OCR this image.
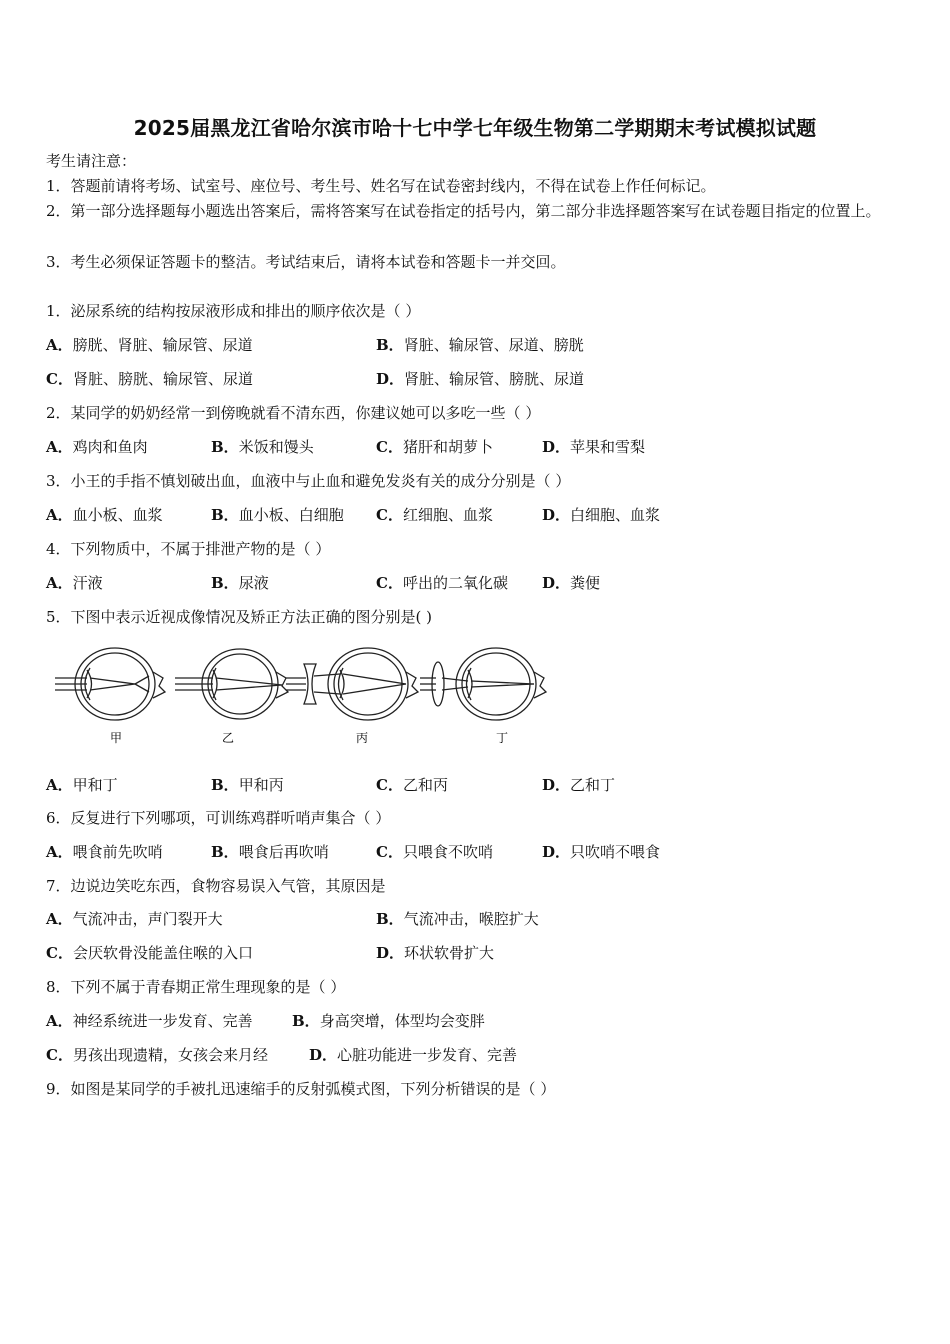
2025届黑龙江省哈尔滨市哈十七中学七年级生物第二学期期末考试模拟试题
考生请注意：
1．答题前请将考场、试室号、座位号、考生号、姓名写在试卷密封线内，不得在试卷上作任何标记。
2．第一部分选择题每小题选出答案后，需将答案写在试卷指定的括号内，第二部分非选择题答案写在试卷题目指定的位置上。
3．考生必须保证答题卡的整洁。考试结束后，请将本试卷和答题卡一并交回。
1．泌尿系统的结构按尿液形成和排出的顺序依次是（ ）
A．膀胱、肾脏、输尿管、尿道	B．肾脏、输尿管、尿道、膀胱
C．肾脏、膀胱、输尿管、尿道	D．肾脏、输尿管、膀胱、尿道
2．某同学的奶奶经常一到傍晚就看不清东西，你建议她可以多吃一些（ ）
A．鸡肉和鱼肉	B．米饭和馒头	C．猪肝和胡萝卜	D．苹果和雪梨
3．小王的手指不慎划破出血，血液中与止血和避免发炎有关的成分分别是（ ）
A．血小板、血浆	B．血小板、白细胞 C．红细胞、血浆	D．白细胞、血浆
4．下列物质中，不属于排泄产物的是（ ）
A．汗液	B．尿液	C．呼出的二氧化碳 D．粪便
5．下图中表示近视成像情况及矫正方法正确的图分别是( )
甲	乙	丙	丁
A．甲和丁	B．甲和丙	C．乙和丙	D．乙和丁
6．反复进行下列哪项，可训练鸡群听哨声集合（ ）
A．喂食前先吹哨	B．喂食后再吹哨	C．只喂食不吹哨	D．只吹哨不喂食
7．边说边笑吃东西，食物容易误入气管，其原因是
A．气流冲击，声门裂开大	B．气流冲击，喉腔扩大
C．会厌软骨没能盖住喉的入口	D．环状软骨扩大
8．下列不属于青春期正常生理现象的是（ ）
A．神经系统进一步发育、完善	B．身高突增，体型均会变胖
C．男孩出现遗精，女孩会来月经	D．心脏功能进一步发育、完善
9．如图是某同学的手被扎迅速缩手的反射弧模式图，下列分析错误的是（ ）
